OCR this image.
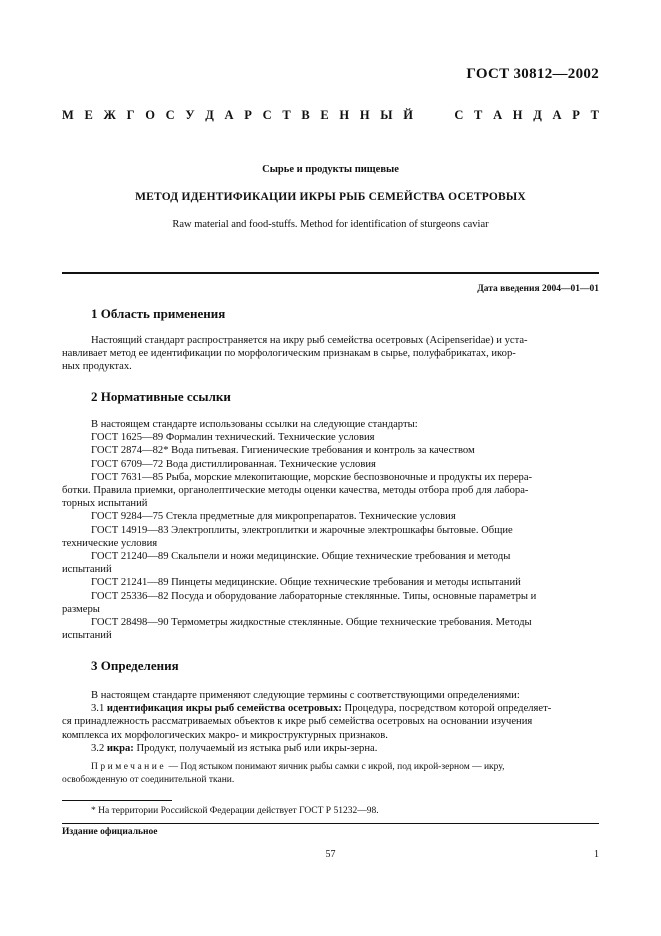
ГОСТ 30812—2002
М Е Ж Г О С У Д А Р С Т В Е Н Н Ы Й	С Т А Н Д А Р Т
Сырье и продукты пищевые
МЕТОД ИДЕНТИФИКАЦИИ ИКРЫ РЫБ СЕМЕЙСТВА ОСЕТРОВЫХ
Raw material and food-stuffs. Method for identification of sturgeons caviar
Дата введения 2004—01—01
1 Область применения
Настоящий стандарт распространяется на икру рыб семейства осетровых (Acipenseridae) и уста-
навливает метод ее идентификации по морфологическим признакам в сырье, полуфабрикатах, икор-
ных продуктах.
2 Нормативные ссылки
В настоящем стандарте использованы ссылки на следующие стандарты:
ГОСТ 1625—89 Формалин технический. Технические условия
ГОСТ 2874—82* Вода питьевая. Гигиенические требования и контроль за качеством
ГОСТ 6709—72 Вода дистиллированная. Технические условия
ГОСТ 7631—85 Рыба, морские млекопитающие, морские беспозвоночные и продукты их перера-
ботки. Правила приемки, органолептические методы оценки качества, методы отбора проб для лабора-
торных испытаний
ГОСТ 9284—75 Стекла предметные для микропрепаратов. Технические условия
ГОСТ 14919—83 Электроплиты, электроплитки и жарочные электрошкафы бытовые. Общие
технические условия
ГОСТ 21240—89 Скальпели и ножи медицинские. Общие технические требования и методы
испытаний
ГОСТ 21241—89 Пинцеты медицинские. Общие технические требования и методы испытаний
ГОСТ 25336—82 Посуда и оборудование лабораторные стеклянные. Типы, основные параметры и
размеры
ГОСТ 28498—90 Термометры жидкостные стеклянные. Общие технические требования. Методы
испытаний
3 Определения
В настоящем стандарте применяют следующие термины с соответствующими определениями:
3.1 идентификация икры рыб семейства осетровых: Процедура, посредством которой определяет-
ся принадлежность рассматриваемых объектов к икре рыб семейства осетровых на основании изучения
комплекса их морфологических макро- и микроструктурных признаков.
3.2 икра: Продукт, получаемый из ястыка рыб или икры-зерна.
Примечание — Под ястыком понимают яичник рыбы самки с икрой, под икрой-зерном — икру,
освобожденную от соединительной ткани.
* На территории Российской Федерации действует ГОСТ Р 51232—98.
Издание официальное
57	1
